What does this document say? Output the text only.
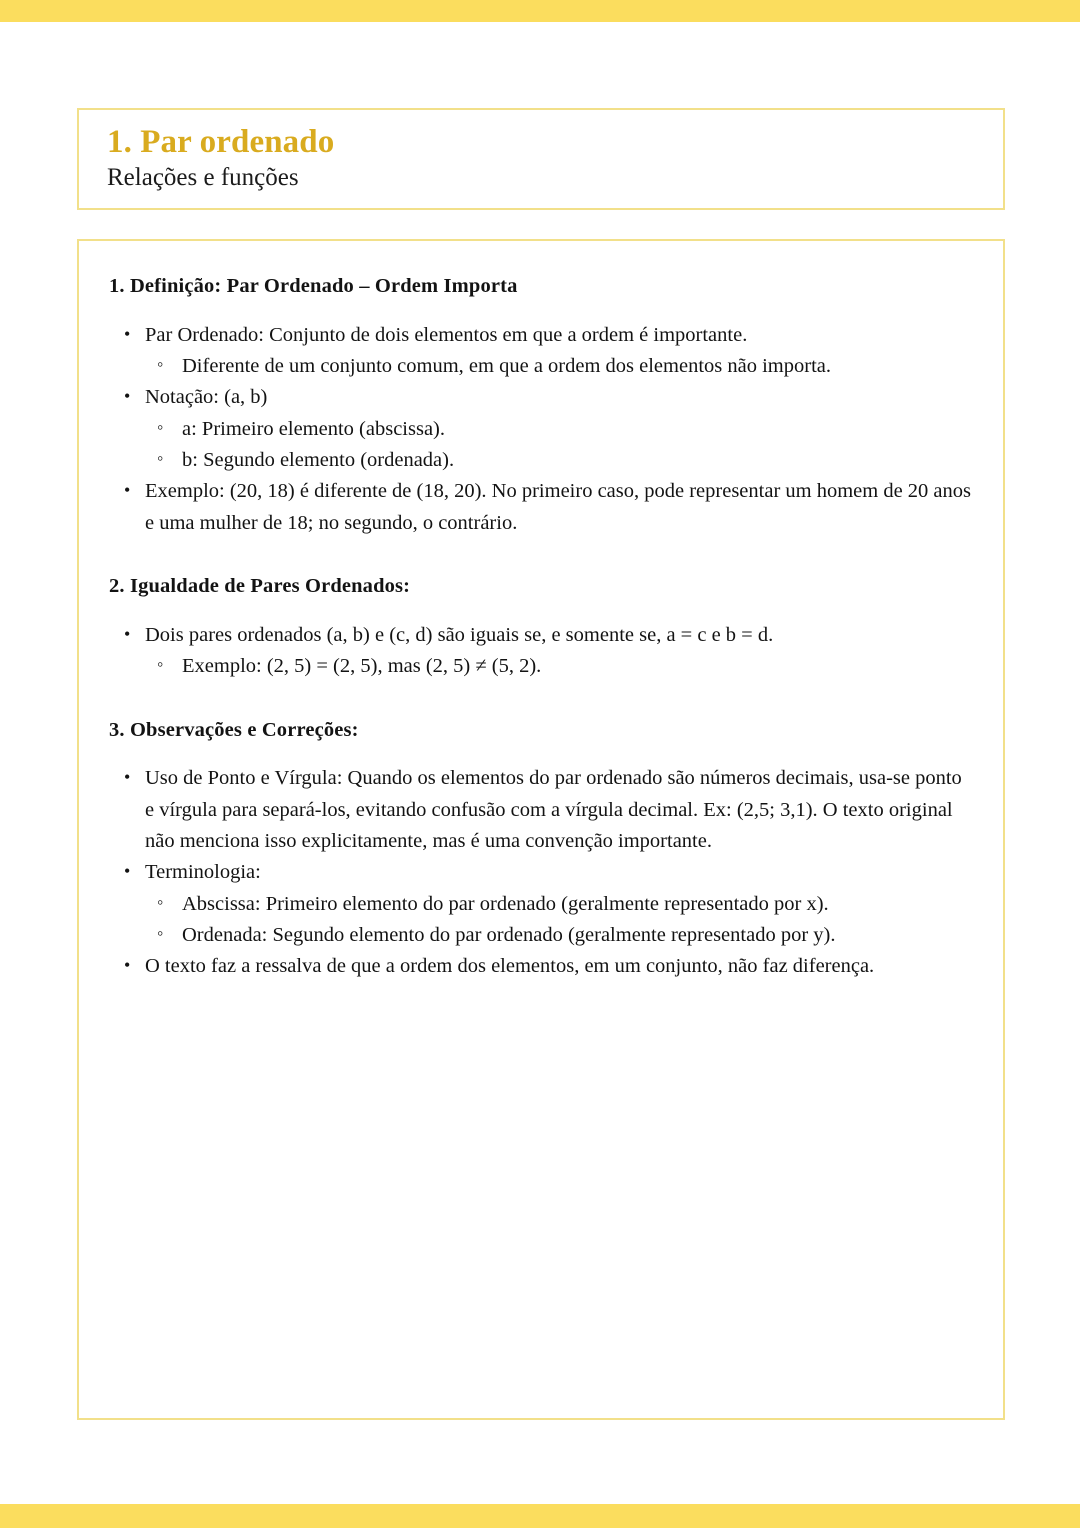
1. Par ordenado

Relações e funções

1. Definição: Par Ordenado – Ordem Importa
• Par Ordenado: Conjunto de dois elementos em que a ordem é importante.
◦ Diferente de um conjunto comum, em que a ordem dos elementos não importa.
• Notação: (a, b)
◦ a: Primeiro elemento (abscissa).
◦ b: Segundo elemento (ordenada).
• Exemplo: (20, 18) é diferente de (18, 20). No primeiro caso, pode representar um homem de 20 anos e uma mulher de 18; no segundo, o contrário.
2. Igualdade de Pares Ordenados:
• Dois pares ordenados (a, b) e (c, d) são iguais se, e somente se, a = c e b = d.
◦ Exemplo: (2, 5) = (2, 5), mas (2, 5) ≠ (5, 2).
3. Observações e Correções:
• Uso de Ponto e Vírgula: Quando os elementos do par ordenado são números decimais, usa-se ponto e vírgula para separá-los, evitando confusão com a vírgula decimal. Ex: (2,5; 3,1). O texto original não menciona isso explicitamente, mas é uma convenção importante.
• Terminologia:
◦ Abscissa: Primeiro elemento do par ordenado (geralmente representado por x).
◦ Ordenada: Segundo elemento do par ordenado (geralmente representado por y).
• O texto faz a ressalva de que a ordem dos elementos, em um conjunto, não faz diferença.
